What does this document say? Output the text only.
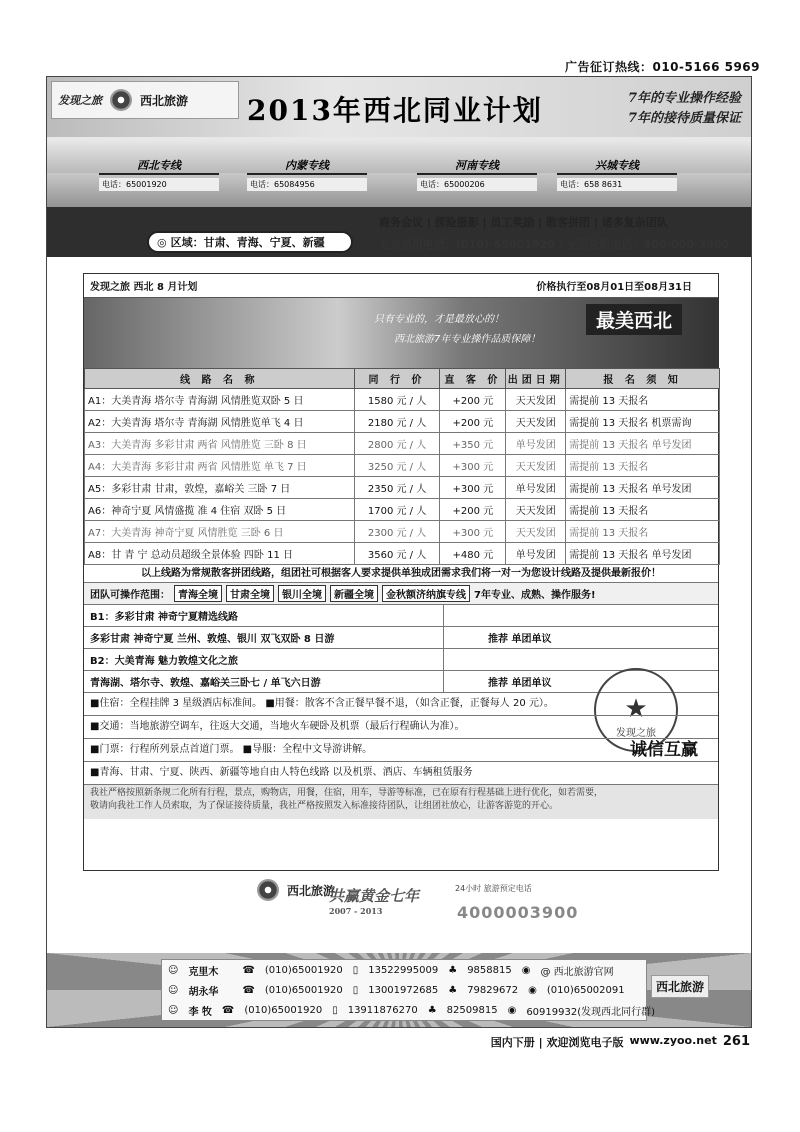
广告征订热线：010-5166 5969
发现之旅	西北旅游 2013年西北同业计划	7年的专业操作经验
7年的接待质量保证
西北专线
电话：65001920
内蒙专线
电话：65084956
河南专线
电话：65000206
兴城专线
电话：658 8631
◎ 区域：甘肃、青海、宁夏、新疆
商务会议 | 探险摄影 | 员工奖励 | 散客拼团 | 诸多复杂团队
北京总机电话：(010)-65001920 / 全国总机电话：400-000-3900
发现之旅 西北 8 月计划	价格执行至08月01日至08月31日
只有专业的，才是最放心的！
西北旅游7年专业操作品质保障！
最美西北
线 路 名 称	同 行 价	直 客 价	出团日期	报 名 须 知
A1：大美青海 塔尔寺 青海湖 风情胜览双卧 5 日	1580 元 / 人	+200 元	天天发团	需提前 13 天报名
A2：大美青海 塔尔寺 青海湖 风情胜览单飞 4 日	2180 元 / 人	+200 元	天天发团	需提前 13 天报名 机票需询
A3：大美青海 多彩甘肃 两省 风情胜览 三卧 8 日	2800 元 / 人	+350 元	单号发团	需提前 13 天报名 单号发团
A4：大美青海 多彩甘肃 两省 风情胜览 单飞 7 日	3250 元 / 人	+300 元	天天发团	需提前 13 天报名
A5：多彩甘肃 甘肃，敦煌，嘉峪关 三卧 7 日	2350 元 / 人	+300 元	单号发团	需提前 13 天报名 单号发团
A6：神奇宁夏 风情盛揽 准 4 住宿 双卧 5 日	1700 元 / 人	+200 元	天天发团	需提前 13 天报名
A7：大美青海 神奇宁夏 风情胜览 三卧 6 日	2300 元 / 人	+300 元	天天发团	需提前 13 天报名
A8：甘 青 宁 总动员超级全景体验 四卧 11 日	3560 元 / 人	+480 元	单号发团	需提前 13 天报名 单号发团
以上线路为常规散客拼团线路，组团社可根据客人要求提供单独成团需求我们将一对一为您设计线路及提供最新报价！
团队可操作范围： 青海全境	甘肃全境	银川全境	新疆全境	金秋额济纳旗专线 7年专业、成熟、操作服务!
B1：多彩甘肃 神奇宁夏精选线路
多彩甘肃 神奇宁夏 兰州、敦煌、银川 双飞双卧 8 日游	推荐 单团单议
B2：大美青海 魅力敦煌文化之旅
青海湖、塔尔寺、敦煌、嘉峪关三卧七 / 单飞六日游	推荐 单团单议
★
发现之旅
■住宿：全程挂牌 3 星级酒店标准间。 ■用餐：散客不含正餐早餐不退，（如含正餐，正餐每人 20 元）。
■交通：当地旅游空调车，往返大交通，当地火车硬卧及机票（最后行程确认为准）。
■门票：行程所列景点首道门票。 ■导服：全程中文导游讲解。	诚信互赢
■青海、甘肃、宁夏、陕西、新疆等地自由人特色线路 以及机票、酒店、车辆租赁服务
我社严格按照新条规二化所有行程，景点，购物店，用餐，住宿，用车，导游等标准，已在原有行程基础上进行优化，如若需要，
敬请向我社工作人员索取，为了保证接待质量，我社严格按照发入标准接待团队，让组团社放心，让游客游览的开心。
西北旅游
共赢黄金七年
2007 - 2013
24小时 旅游预定电话
4000003900
☺ 克里木	☎ (010)65001920 ▯ 13522995009 ♣ 9858815 ◉ @ 西北旅游官网
☺ 胡永华	☎ (010)65001920 ▯ 13001972685 ♣ 79829672 ◉ (010)65002091
☺ 李 牧 ☎ (010)65001920 ▯ 13911876270 ♣ 82509815 ◉ 60919932(发现西北同行群)
西北旅游
国内下册 | 欢迎浏览电子版 www.zyoo.net 261
